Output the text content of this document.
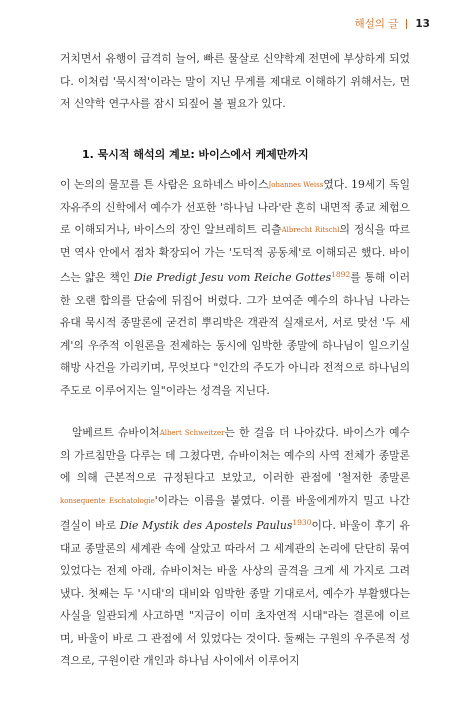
해설의 글 13

거치면서 유행이 급격히 늘어, 빠른 물살로 신약학계 전면에 부상하게 되었다. 이처럼 '묵시적'이라는 말이 지닌 무게를 제대로 이해하기 위해서는, 먼저 신약학 연구사를 잠시 되짚어 볼 필요가 있다.

1. 묵시적 해석의 계보: 바이스에서 케제만까지

이 논의의 물꼬를 튼 사람은 요하네스 바이스Johannes Weiss였다. 19세기 독일 자유주의 신학에서 예수가 선포한 '하나님 나라'란 흔히 내면적 종교 체험으로 이해되거나, 바이스의 장인 알브레히트 리츨Albrecht Ritschl의 정식을 따르면 역사 안에서 점차 확장되어 가는 '도덕적 공동체'로 이해되곤 했다. 바이스는 얇은 책인 Die Predigt Jesu vom Reiche Gottes$^{1892}$를 통해 이러한 오랜 합의를 단숨에 뒤집어 버렸다. 그가 보여준 예수의 하나님 나라는 유대 묵시적 종말론에 굳건히 뿌리박은 객관적 실재로서, 서로 맞선 '두 세계'의 우주적 이원론을 전제하는 동시에 임박한 종말에 하나님이 일으키실 해방 사건을 가리키며, 무엇보다 "인간의 주도가 아니라 전적으로 하나님의 주도로 이루어지는 일"이라는 성격을 지닌다.

알베르트 슈바이처Albert Schweitzer는 한 걸음 더 나아갔다. 바이스가 예수의 가르침만을 다루는 데 그쳤다면, 슈바이처는 예수의 사역 전체가 종말론에 의해 근본적으로 규정된다고 보았고, 이러한 관점에 '철저한 종말론konsequente Eschatologie'이라는 이름을 붙였다. 이를 바울에게까지 밀고 나간 결실이 바로 Die Mystik des Apostels Paulus$^{1930}$이다. 바울이 후기 유대교 종말론의 세계관 속에 살았고 따라서 그 세계관의 논리에 단단히 묶여 있었다는 전제 아래, 슈바이처는 바울 사상의 골격을 크게 세 가지로 그려 냈다. 첫째는 두 '시대'의 대비와 임박한 종말 기대로서, 예수가 부활했다는 사실을 일관되게 사고하면 "지금이 이미 초자연적 시대"라는 결론에 이르며, 바울이 바로 그 관점에 서 있었다는 것이다. 둘째는 구원의 우주론적 성격으로, 구원이란 개인과 하나님 사이에서 이루어지
